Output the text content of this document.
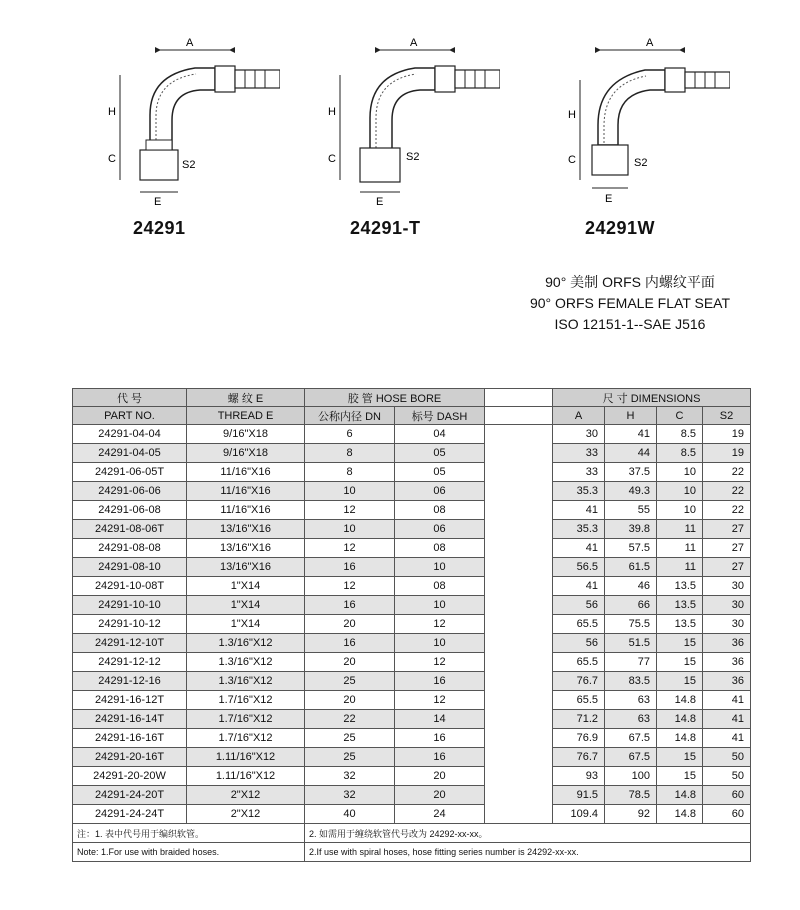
A
H
C
E
S2
24291
A
H
C
E
S2
24291-T
A
H
C
E
S2
24291W
90° 美制 ORFS 内螺纹平面
90° ORFS FEMALE FLAT SEAT
ISO 12151-1--SAE J516
代 号	螺 纹 E	胶 管 HOSE BORE			尺 寸 DIMENSIONS			
PART NO.	THREAD E	公称内径 DN	标号 DASH		A	H	C	S2
24291-04-04	9/16"X18	6	04		30	41	8.5	19
24291-04-05	9/16"X18	8	05		33	44	8.5	19
24291-06-05T	11/16"X16	8	05		33	37.5	10	22
24291-06-06	11/16"X16	10	06		35.3	49.3	10	22
24291-06-08	11/16"X16	12	08		41	55	10	22
24291-08-06T	13/16"X16	10	06		35.3	39.8	11	27
24291-08-08	13/16"X16	12	08		41	57.5	11	27
24291-08-10	13/16"X16	16	10		56.5	61.5	11	27
24291-10-08T	1"X14	12	08		41	46	13.5	30
24291-10-10	1"X14	16	10		56	66	13.5	30
24291-10-12	1"X14	20	12		65.5	75.5	13.5	30
24291-12-10T	1.3/16"X12	16	10		56	51.5	15	36
24291-12-12	1.3/16"X12	20	12		65.5	77	15	36
24291-12-16	1.3/16"X12	25	16		76.7	83.5	15	36
24291-16-12T	1.7/16"X12	20	12		65.5	63	14.8	41
24291-16-14T	1.7/16"X12	22	14		71.2	63	14.8	41
24291-16-16T	1.7/16"X12	25	16		76.9	67.5	14.8	41
24291-20-16T	1.11/16"X12	25	16		76.7	67.5	15	50
24291-20-20W	1.11/16"X12	32	20		93	100	15	50
24291-24-20T	2"X12	32	20		91.5	78.5	14.8	60
24291-24-24T	2"X12	40	24		109.4	92	14.8	60
注：1. 表中代号用于编织软管。		2. 如需用于缠绕软管代号改为 24292-xx-xx。						
Note: 1.For use with braided hoses.		2.If use with spiral hoses, hose fitting series number is 24292-xx-xx.						
